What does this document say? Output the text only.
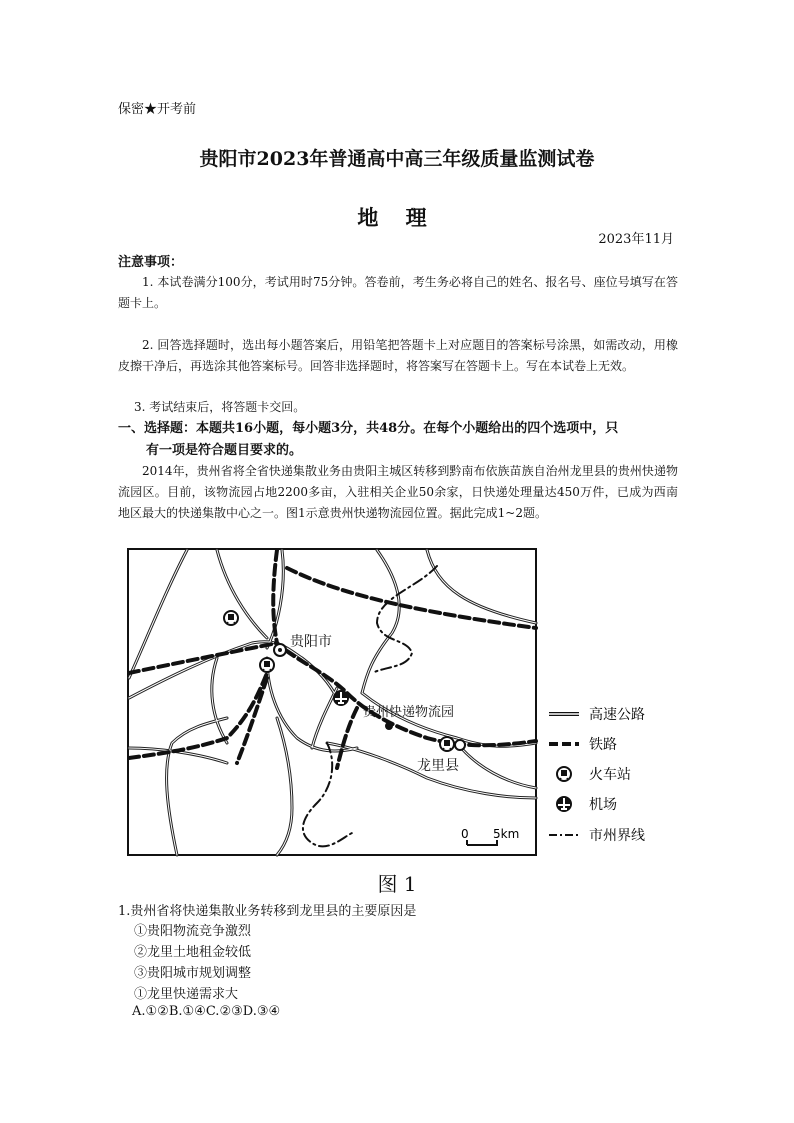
保密★开考前
贵阳市2023年普通高中高三年级质量监测试卷
地 理
2023年11月
注意事项：
1. 本试卷满分100分，考试用时75分钟。答卷前，考生务必将自己的姓名、报名号、座位号填写在答题卡上。
2. 回答选择题时，选出每小题答案后，用铅笔把答题卡上对应题目的答案标号涂黑，如需改动，用橡皮擦干净后，再选涂其他答案标号。回答非选择题时，将答案写在答题卡上。写在本试卷上无效。
3. 考试结束后，将答题卡交回。
一、选择题：本题共16小题，每小题3分，共48分。在每个小题给出的四个选项中，只
有一项是符合题目要求的。
2014年，贵州省将全省快递集散业务由贵阳主城区转移到黔南布依族苗族自治州龙里县的贵州快递物流园区。目前，该物流园占地2200多亩，入驻相关企业50余家，日快递处理量达450万件，已成为西南地区最大的快递集散中心之一。图1示意贵州快递物流园位置。据此完成1~2题。
贵阳市
贵州快递物流园
龙里县
0 5km
高速公路
铁路
火车站
机场
市州界线
图 1
1.贵州省将快递集散业务转移到龙里县的主要原因是
①贵阳物流竞争激烈
②龙里土地租金较低
③贵阳城市规划调整
①龙里快递需求大
A.①②B.①④C.②③D.③④
